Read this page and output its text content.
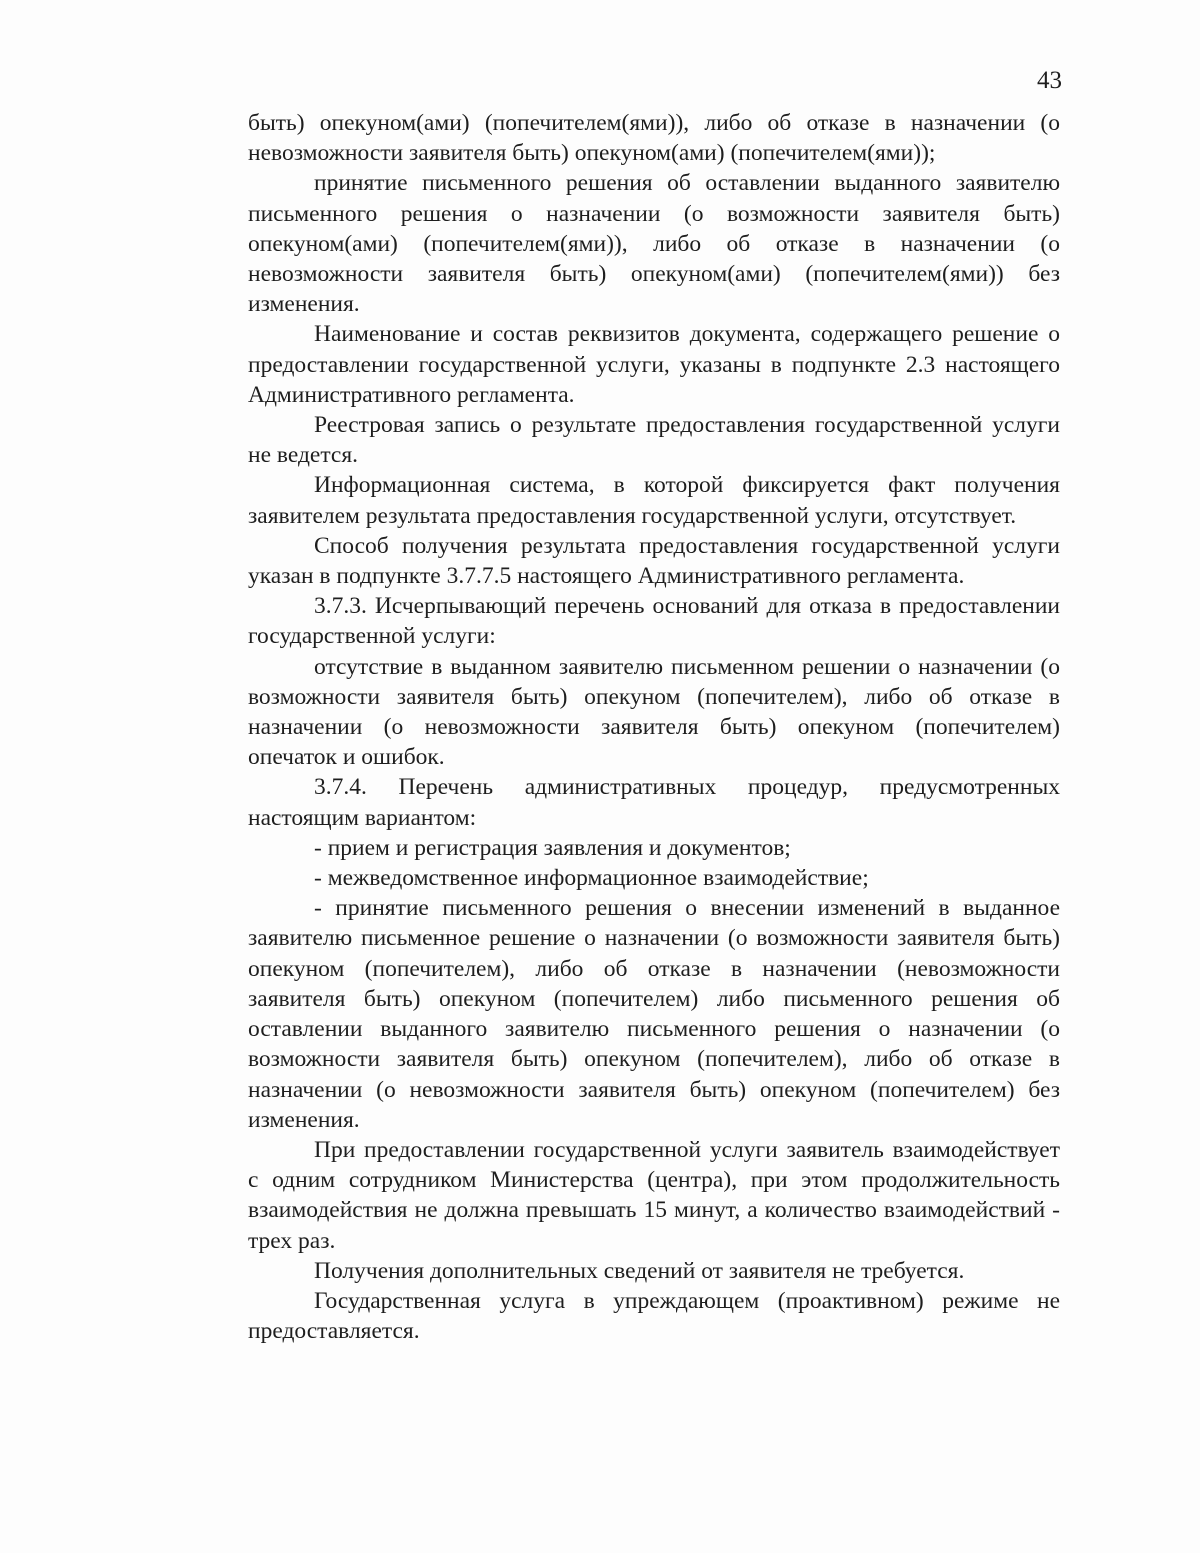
43

быть) опекуном(ами) (попечителем(ями)), либо об отказе в назначении (о невозможности заявителя быть) опекуном(ами) (попечителем(ями));

принятие письменного решения об оставлении выданного заявителю письменного решения о назначении (о возможности заявителя быть) опекуном(ами) (попечителем(ями)), либо об отказе в назначении (о невозможности заявителя быть) опекуном(ами) (попечителем(ями)) без изменения.

Наименование и состав реквизитов документа, содержащего решение о предоставлении государственной услуги, указаны в подпункте 2.3 настоящего Административного регламента.

Реестровая запись о результате предоставления государственной услуги не ведется.

Информационная система, в которой фиксируется факт получения заявителем результата предоставления государственной услуги, отсутствует.

Способ получения результата предоставления государственной услуги указан в подпункте 3.7.7.5 настоящего Административного регламента.

3.7.3. Исчерпывающий перечень оснований для отказа в предоставлении государственной услуги:

отсутствие в выданном заявителю письменном решении о назначении (о возможности заявителя быть) опекуном (попечителем), либо об отказе в назначении (о невозможности заявителя быть) опекуном (попечителем) опечаток и ошибок.

3.7.4. Перечень административных процедур, предусмотренных настоящим вариантом:

- прием и регистрация заявления и документов;

- межведомственное информационное взаимодействие;

- принятие письменного решения о внесении изменений в выданное заявителю письменное решение о назначении (о возможности заявителя быть) опекуном (попечителем), либо об отказе в назначении (невозможности заявителя быть) опекуном (попечителем) либо письменного решения об оставлении выданного заявителю письменного решения о назначении (о возможности заявителя быть) опекуном (попечителем), либо об отказе в назначении (о невозможности заявителя быть) опекуном (попечителем) без изменения.

При предоставлении государственной услуги заявитель взаимодействует с одним сотрудником Министерства (центра), при этом продолжительность взаимодействия не должна превышать 15 минут, а количество взаимодействий - трех раз.

Получения дополнительных сведений от заявителя не требуется.

Государственная услуга в упреждающем (проактивном) режиме не предоставляется.
